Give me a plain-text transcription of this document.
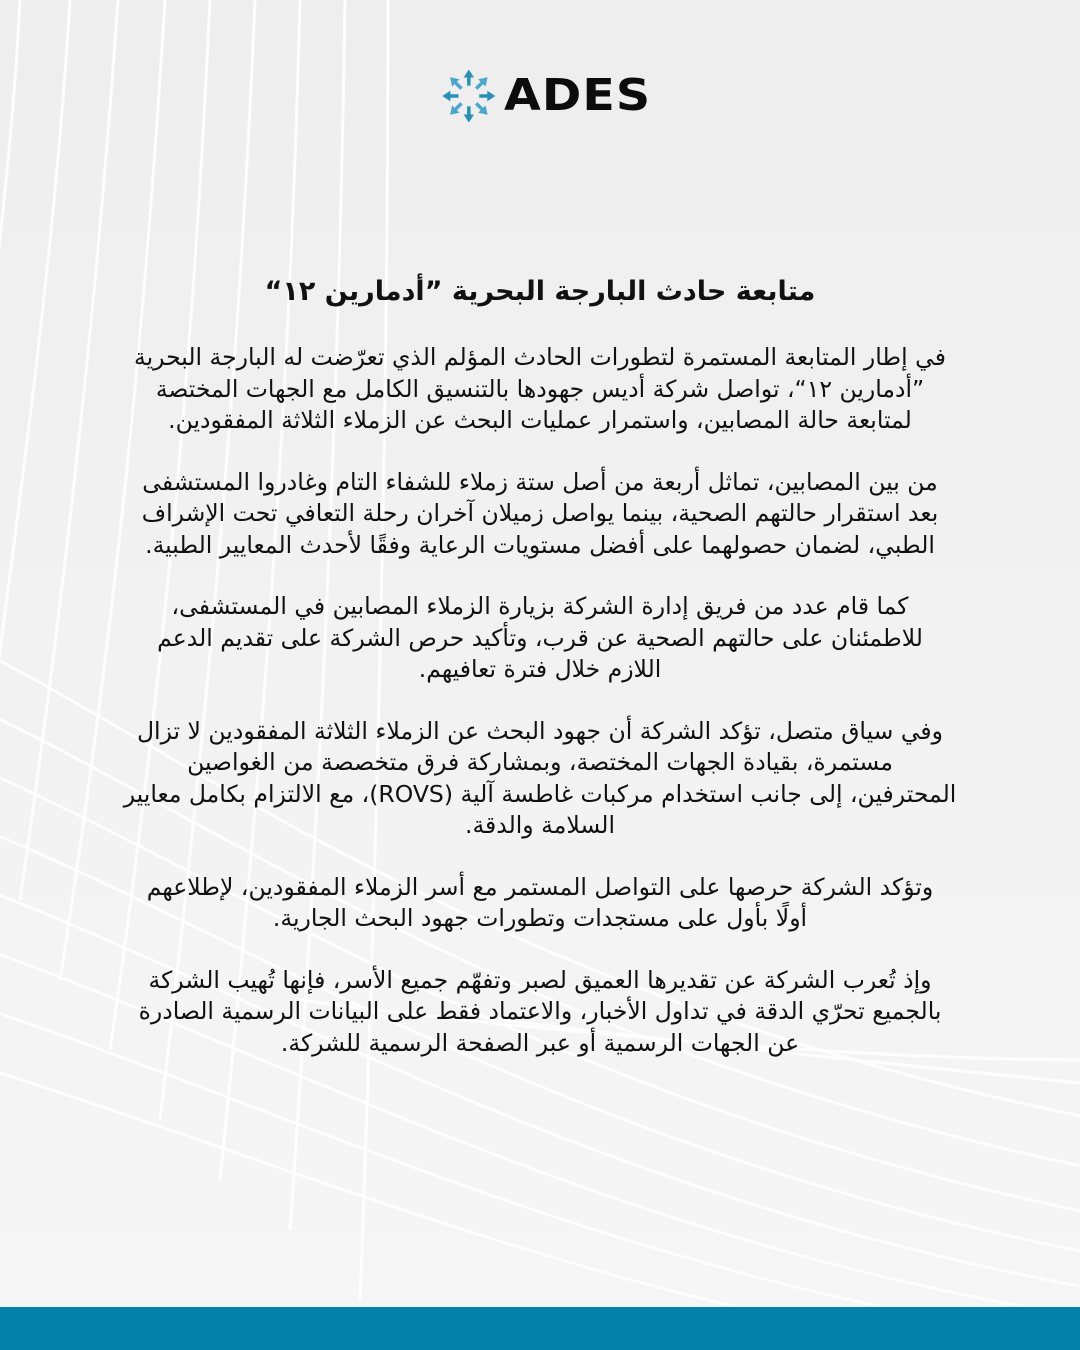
ADES
متابعة حادث البارجة البحرية ”أدمارين ١٢“

في إطار المتابعة المستمرة لتطورات الحادث المؤلم الذي تعرّضت له البارجة البحرية
”أدمارين ١٢“، تواصل شركة أديس جهودها بالتنسيق الكامل مع الجهات المختصة
لمتابعة حالة المصابين، واستمرار عمليات البحث عن الزملاء الثلاثة المفقودين.

من بين المصابين، تماثل أربعة من أصل ستة زملاء للشفاء التام وغادروا المستشفى
بعد استقرار حالتهم الصحية، بينما يواصل زميلان آخران رحلة التعافي تحت الإشراف
الطبي، لضمان حصولهما على أفضل مستويات الرعاية وفقًا لأحدث المعايير الطبية.

كما قام عدد من فريق إدارة الشركة بزيارة الزملاء المصابين في المستشفى،
للاطمئنان على حالتهم الصحية عن قرب، وتأكيد حرص الشركة على تقديم الدعم
اللازم خلال فترة تعافيهم.

وفي سياق متصل، تؤكد الشركة أن جهود البحث عن الزملاء الثلاثة المفقودين لا تزال
مستمرة، بقيادة الجهات المختصة، وبمشاركة فرق متخصصة من الغواصين
المحترفين، إلى جانب استخدام مركبات غاطسة آلية (ROVS)، مع الالتزام بكامل معايير
السلامة والدقة.

وتؤكد الشركة حرصها على التواصل المستمر مع أسر الزملاء المفقودين، لإطلاعهم
أولًا بأول على مستجدات وتطورات جهود البحث الجارية.

وإذ تُعرب الشركة عن تقديرها العميق لصبر وتفهّم جميع الأسر، فإنها تُهيب الشركة
بالجميع تحرّي الدقة في تداول الأخبار، والاعتماد فقط على البيانات الرسمية الصادرة
عن الجهات الرسمية أو عبر الصفحة الرسمية للشركة.
